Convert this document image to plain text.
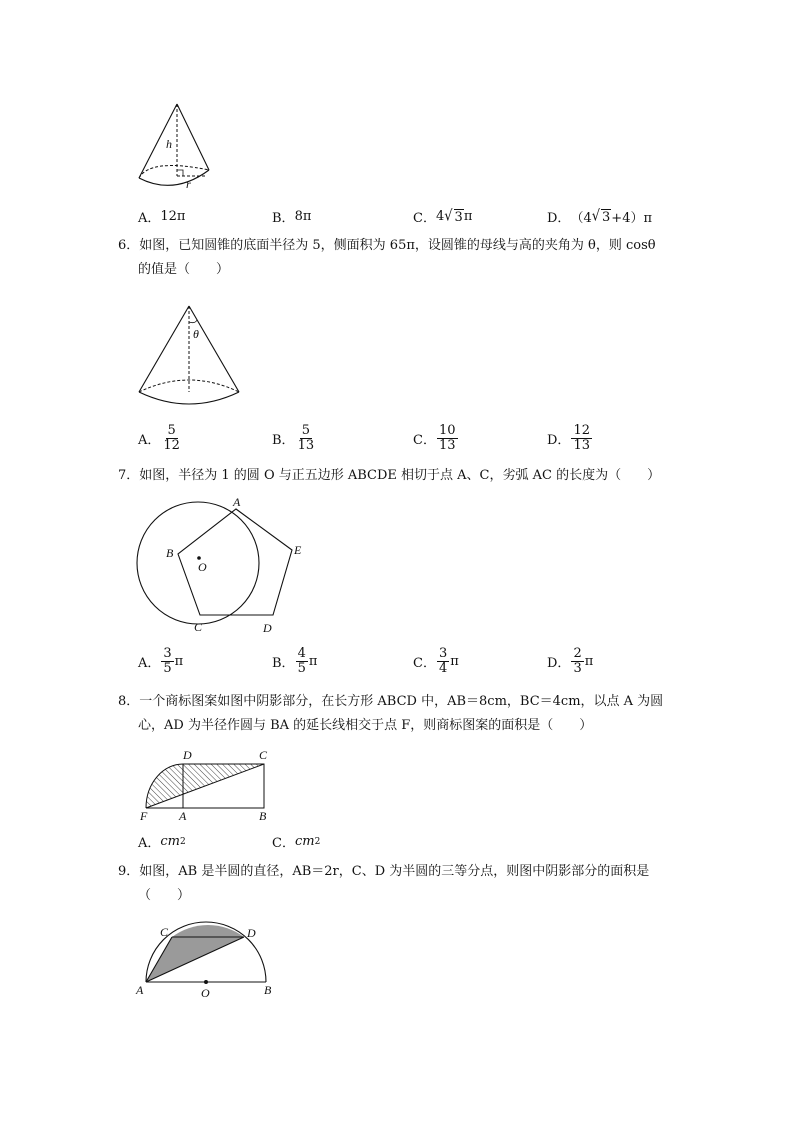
h
r
A． 12π	B． 8π	C． 4 √ 3 π	D． （4 √ 3 +4）π
6．如图，已知圆锥的底面半径为 5，侧面积为 65π，设圆锥的母线与高的夹角为 θ，则 cosθ
的值是（　　）
θ
A． $\frac{5}{12}$	B． $\frac{5}{13}$	C． $\frac{10}{13}$	D． $\frac{12}{13}$
7．如图，半径为 1 的圆 O 与正五边形 ABCDE 相切于点 A、C，劣弧 AC 的长度为（　　）
A
B
C	D
E
O
A． $\frac{3}{5}$ π	B． $\frac{4}{5}$ π	C． $\frac{3}{4}$ π	D． $\frac{2}{3}$ π
8．一个商标图案如图中阴影部分，在长方形 ABCD 中，AB＝8cm，BC＝4cm，以点 A 为圆
心，AD 为半径作圆与 BA 的延长线相交于点 F，则商标图案的面积是（　　）
D	C
F	A	B
A． cm 2	C． cm 2
9．如图，AB 是半圆的直径，AB＝2r，C、D 为半圆的三等分点，则图中阴影部分的面积是
（　　）
C	D
A	O	B
